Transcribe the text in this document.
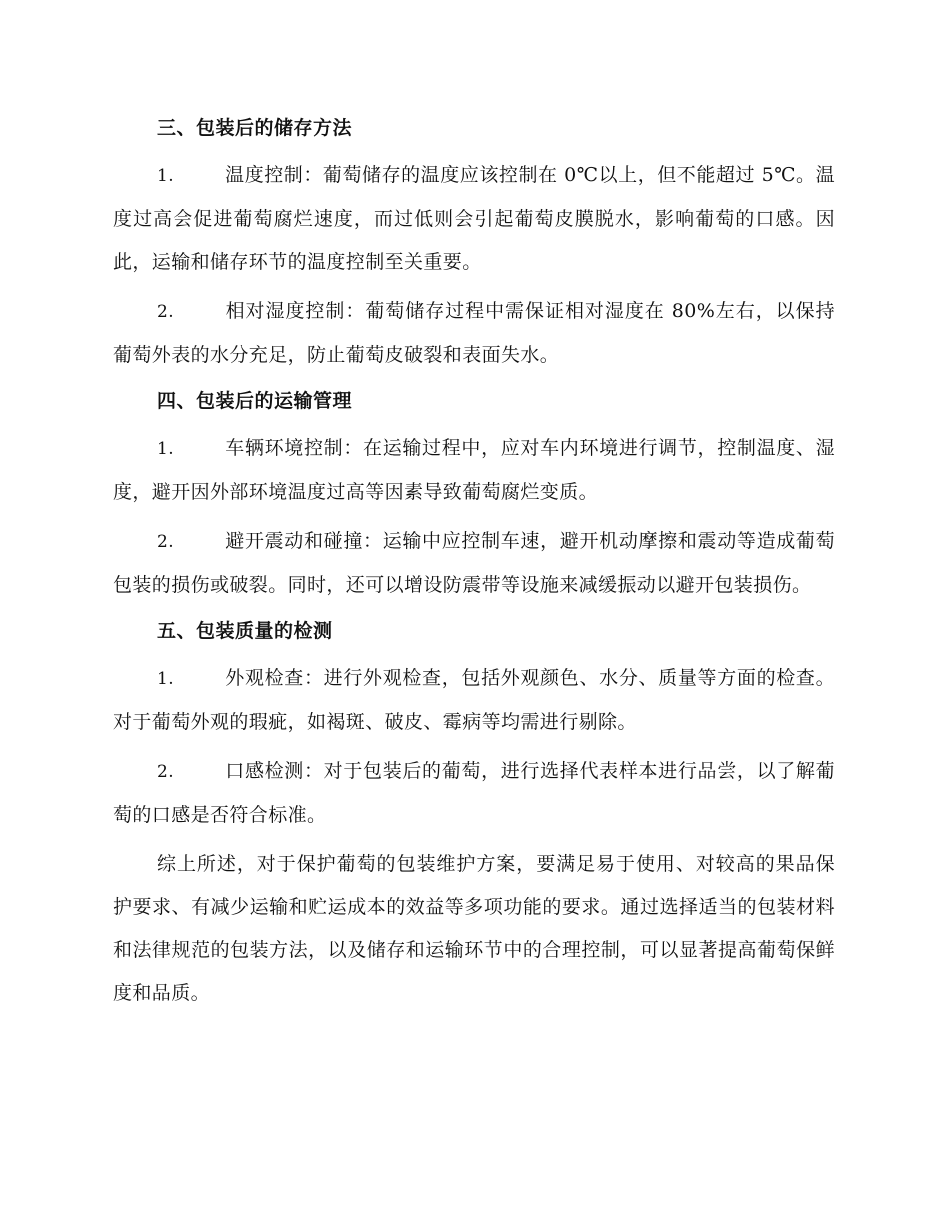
三、包装后的储存方法

1.	温度控制：葡萄储存的温度应该控制在 0℃以上，但不能超过 5℃。温度过高会促进葡萄腐烂速度，而过低则会引起葡萄皮膜脱水，影响葡萄的口感。因此，运输和储存环节的温度控制至关重要。

2.	相对湿度控制：葡萄储存过程中需保证相对湿度在 80%左右，以保持葡萄外表的水分充足，防止葡萄皮破裂和表面失水。

四、包装后的运输管理

1.	车辆环境控制：在运输过程中，应对车内环境进行调节，控制温度、湿度，避开因外部环境温度过高等因素导致葡萄腐烂变质。

2.	避开震动和碰撞：运输中应控制车速，避开机动摩擦和震动等造成葡萄包装的损伤或破裂。同时，还可以增设防震带等设施来减缓振动以避开包装损伤。

五、包装质量的检测

1.	外观检查：进行外观检查，包括外观颜色、水分、质量等方面的检查。对于葡萄外观的瑕疵，如褐斑、破皮、霉病等均需进行剔除。

2.	口感检测：对于包装后的葡萄，进行选择代表样本进行品尝，以了解葡萄的口感是否符合标准。

综上所述，对于保护葡萄的包装维护方案，要满足易于使用、对较高的果品保护要求、有减少运输和贮运成本的效益等多项功能的要求。通过选择适当的包装材料和法律规范的包装方法，以及储存和运输环节中的合理控制，可以显著提高葡萄保鲜度和品质。
